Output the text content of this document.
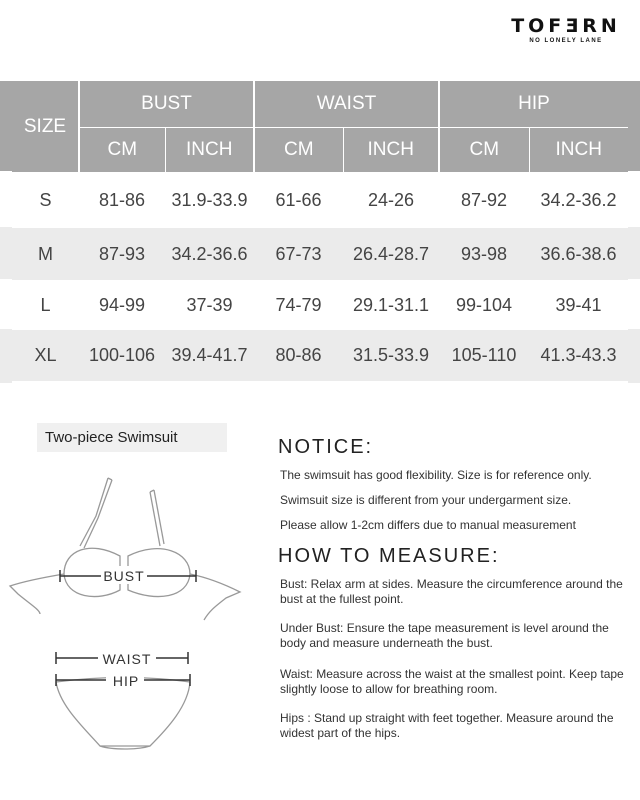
TOFƎRN
NO LONELY LANE
SIZE	BUST		WAIST		HIP	
	CM	INCH	CM	INCH	CM	INCH
S	81-86	31.9-33.9	61-66	24-26	87-92	34.2-36.2
M	87-93	34.2-36.6	67-73	26.4-28.7	93-98	36.6-38.6
L	94-99	37-39	74-79	29.1-31.1	99-104	39-41
XL	100-106	39.4-41.7	80-86	31.5-33.9	105-110	41.3-43.3
Two-piece Swimsuit
BUST
WAIST
HIP
NOTICE:
The swimsuit has good flexibility. Size is for reference only.
Swimsuit size is different from your undergarment size.
Please allow 1-2cm differs due to manual measurement
HOW TO MEASURE:
Bust: Relax arm at sides. Measure the circumference around the bust at the fullest point.
Under Bust: Ensure the tape measurement is level around the body and measure underneath the bust.
Waist: Measure across the waist at the smallest point. Keep tape slightly loose to allow for breathing room.
Hips : Stand up straight with feet together. Measure around the widest part of the hips.
